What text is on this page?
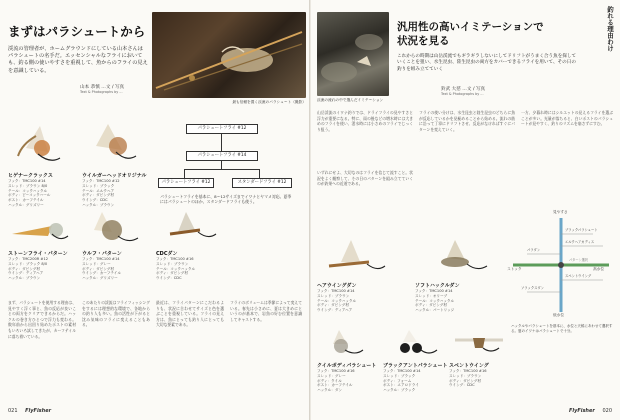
まずはパラシュートから
渓流の管理者が、ホームグラウンドにしている山本さんはパラシュートの名手だ。エッセンシャルなフライにおいても、釣る側の使いやすさを重視して、魚からのフライの見えを意識している。
山本 恭慎 …文 / 写真
Text & Photographs by ...
最も信頼を置く渓流のパラシュート（撮影）
ヒゲナークラックス
フック：TMC100 #14
スレッド：ブラウン 8/0
テール：コックハックル
ボディ：ピーコックハール
ポスト：カーフテイル
ハックル：グリズリー
ウイルガーヘッドオリジナル
フック：TMC100 #12
スレッド：ブラック
テール：エルクヘア
ボディ：ダビング材
ウイング：CDC
ハックル：ブラウン
パラシュートフライ #12
パラシュートフライ #14
パラシュートフライ #12	スタンダードフライ #12
パラシュートフライを基本に、8〜12サイズまでイワナとヤマメ対応。夏季にはパラシュートのほか、スタンダードフライも使う。
ストーンフライ・パターン
フック：TMC200R #12
スレッド：ブラック 8/0
ボディ：ダビング材
ウイング：ディアヘア
ハックル：ブラウン
ウルフ・パターン
フック：TMC100 #14
スレッド：グレー
ボディ：ダビング材
ウイング：カーフテイル
ハックル：グリズリー
CDCダン
フック：TMC100 #16
スレッド：ブラウン
テール：コックハックル
ボディ：ダビング材
ウイング：CDC

まず、パラシュートを使用する理由は、見やすく浮く事と、魚の反応が良いことの両方をクリアできるからだ。ハックルの巻き方ひとつで浮力も変わる。数年前から出回り始めたポストの素材もいろいろ試してきたが、カーフテイルに落ち着いている。

このあたりの渓流はフライフィッシングをするには理想的な環境で、各地からの釣り人も多い。魚の活性が下がると沈み気味のフライに変えることもある。

最近は、フライパターンにこだわるよりも、状況に合わせてサイズと色を選ぶことを重視している。フライの見え方は、魚にとっても釣り人にとっても大切な要素である。

フライのボリュームは季節によって変えている。春先は小さめに、夏は大きめにというのが基本で、岩魚の好む位置を意識してキャストする。

021 FlyFisher
釣れる理由わけ
渓流の流れの中で選んだイミテーション
汎用性の高いイミテーションで
状況を見る
これからの時期は山岳渓流でもギラギラしないにしてドリフトがうまく合う魚を探していくことを狙い、水生昆虫、陸生昆虫の両方をカバーできるフライを用いて、その日の釣りを組み立てていく
鈴武 大慈 …文 / 写真
Text & Photographs by ...

山岳渓流のイワナ釣りでは、ドライフライの見やすさと浮力が重要になる。特に、雨の後などの増水時には大きめのフライを使い、渇水時には小さめのフライでじっくり狙う。

フライの使い分けは、水生昆虫と陸生昆虫のどちらに魚が反応しているかを見極めることから始める。流れの筋に沿って丁寧にドリフトさせ、反応がなければすぐにパターンを変えていく。

一方、夕暮れ時にはシルエットの見えるフライを選ぶことが多い。光量が落ちると、白いポストのパラシュートが見やすく、釣りのリズムを崩さずにすむ。

いずれにせよ、大切なのはフライを信じて流すこと。状況をよく観察して、その日のパターンを組み立てていくのが釣果への近道である。

見やすさ
低水位
ストック	高水位
ブラックパラシュート
エルクヘアカディス
パラダン
スペントウイング
ソラックスダン
ハックルやパラシュートを基本に、水位と天候にあわせて選択する。夏のイワナはパラシュートで十分。
パターン選択
ヘアウイングダン
フック：TMC100 #14
スレッド：ブラウン
テール：コックハックル
ボディ：ダビング材
ウイング：ディアヘア
ソフトハックルダン
フック：TMC100 #14
スレッド：オリーブ
テール：コックハックル
ボディ：ダビング材
ハックル：パートリッジ
クイルボディパラシュート
フック：TMC100 #16
スレッド：グレー
ボディ：クイル
ポスト：カーフテイル
ハックル：ダン
ブラックアントパラシュート
フック：TMC100 #14
スレッド：ブラック
ボディ：フォーム
ポスト：エアロドライ
ハックル：ブラック
スペントウイング
フック：TMC100 #16
スレッド：ブラウン
ボディ：ダビング材
ウイング：CDC
FlyFisher 020
